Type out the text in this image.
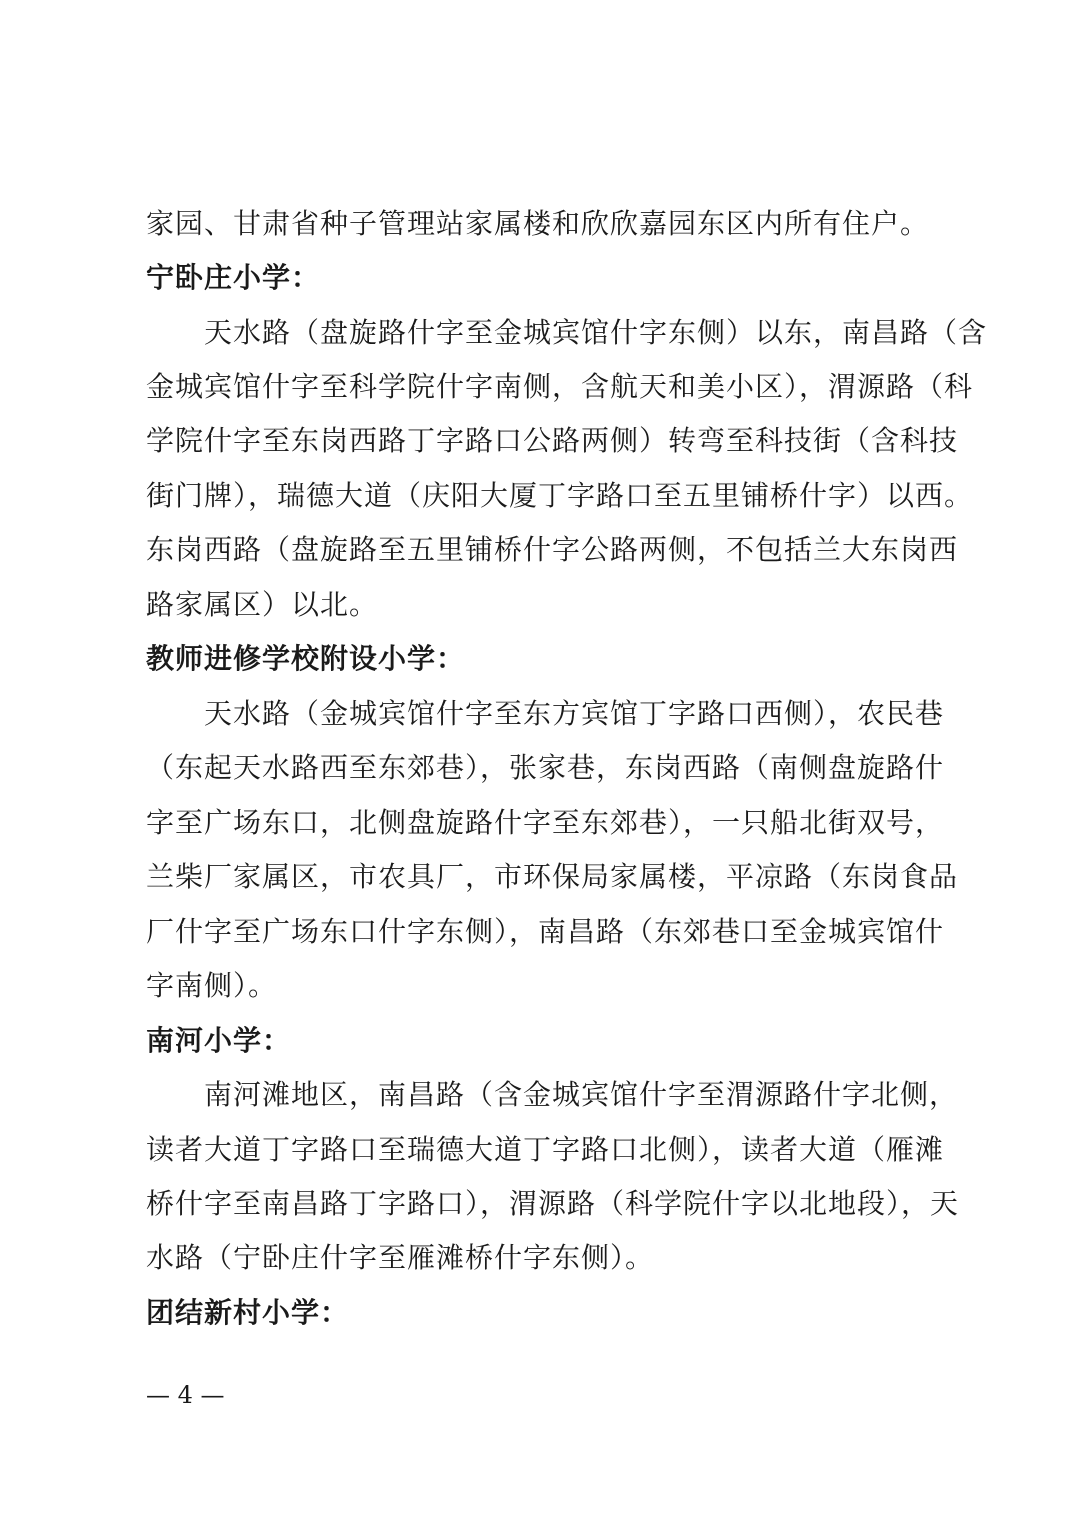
家园、甘肃省种子管理站家属楼和欣欣嘉园东区内所有住户。
宁卧庄小学：
天水路（盘旋路什字至金城宾馆什字东侧）以东，南昌路（含
金城宾馆什字至科学院什字南侧，含航天和美小区），渭源路（科
学院什字至东岗西路丁字路口公路两侧）转弯至科技街（含科技
街门牌），瑞德大道（庆阳大厦丁字路口至五里铺桥什字）以西。
东岗西路（盘旋路至五里铺桥什字公路两侧，不包括兰大东岗西
路家属区）以北。
教师进修学校附设小学：
天水路（金城宾馆什字至东方宾馆丁字路口西侧），农民巷
（东起天水路西至东郊巷），张家巷，东岗西路（南侧盘旋路什
字至广场东口，北侧盘旋路什字至东郊巷），一只船北街双号，
兰柴厂家属区，市农具厂，市环保局家属楼，平凉路（东岗食品
厂什字至广场东口什字东侧），南昌路（东郊巷口至金城宾馆什
字南侧）。
南河小学：
南河滩地区，南昌路（含金城宾馆什字至渭源路什字北侧，
读者大道丁字路口至瑞德大道丁字路口北侧），读者大道（雁滩
桥什字至南昌路丁字路口），渭源路（科学院什字以北地段），天
水路（宁卧庄什字至雁滩桥什字东侧）。
团结新村小学：
— 4 —
